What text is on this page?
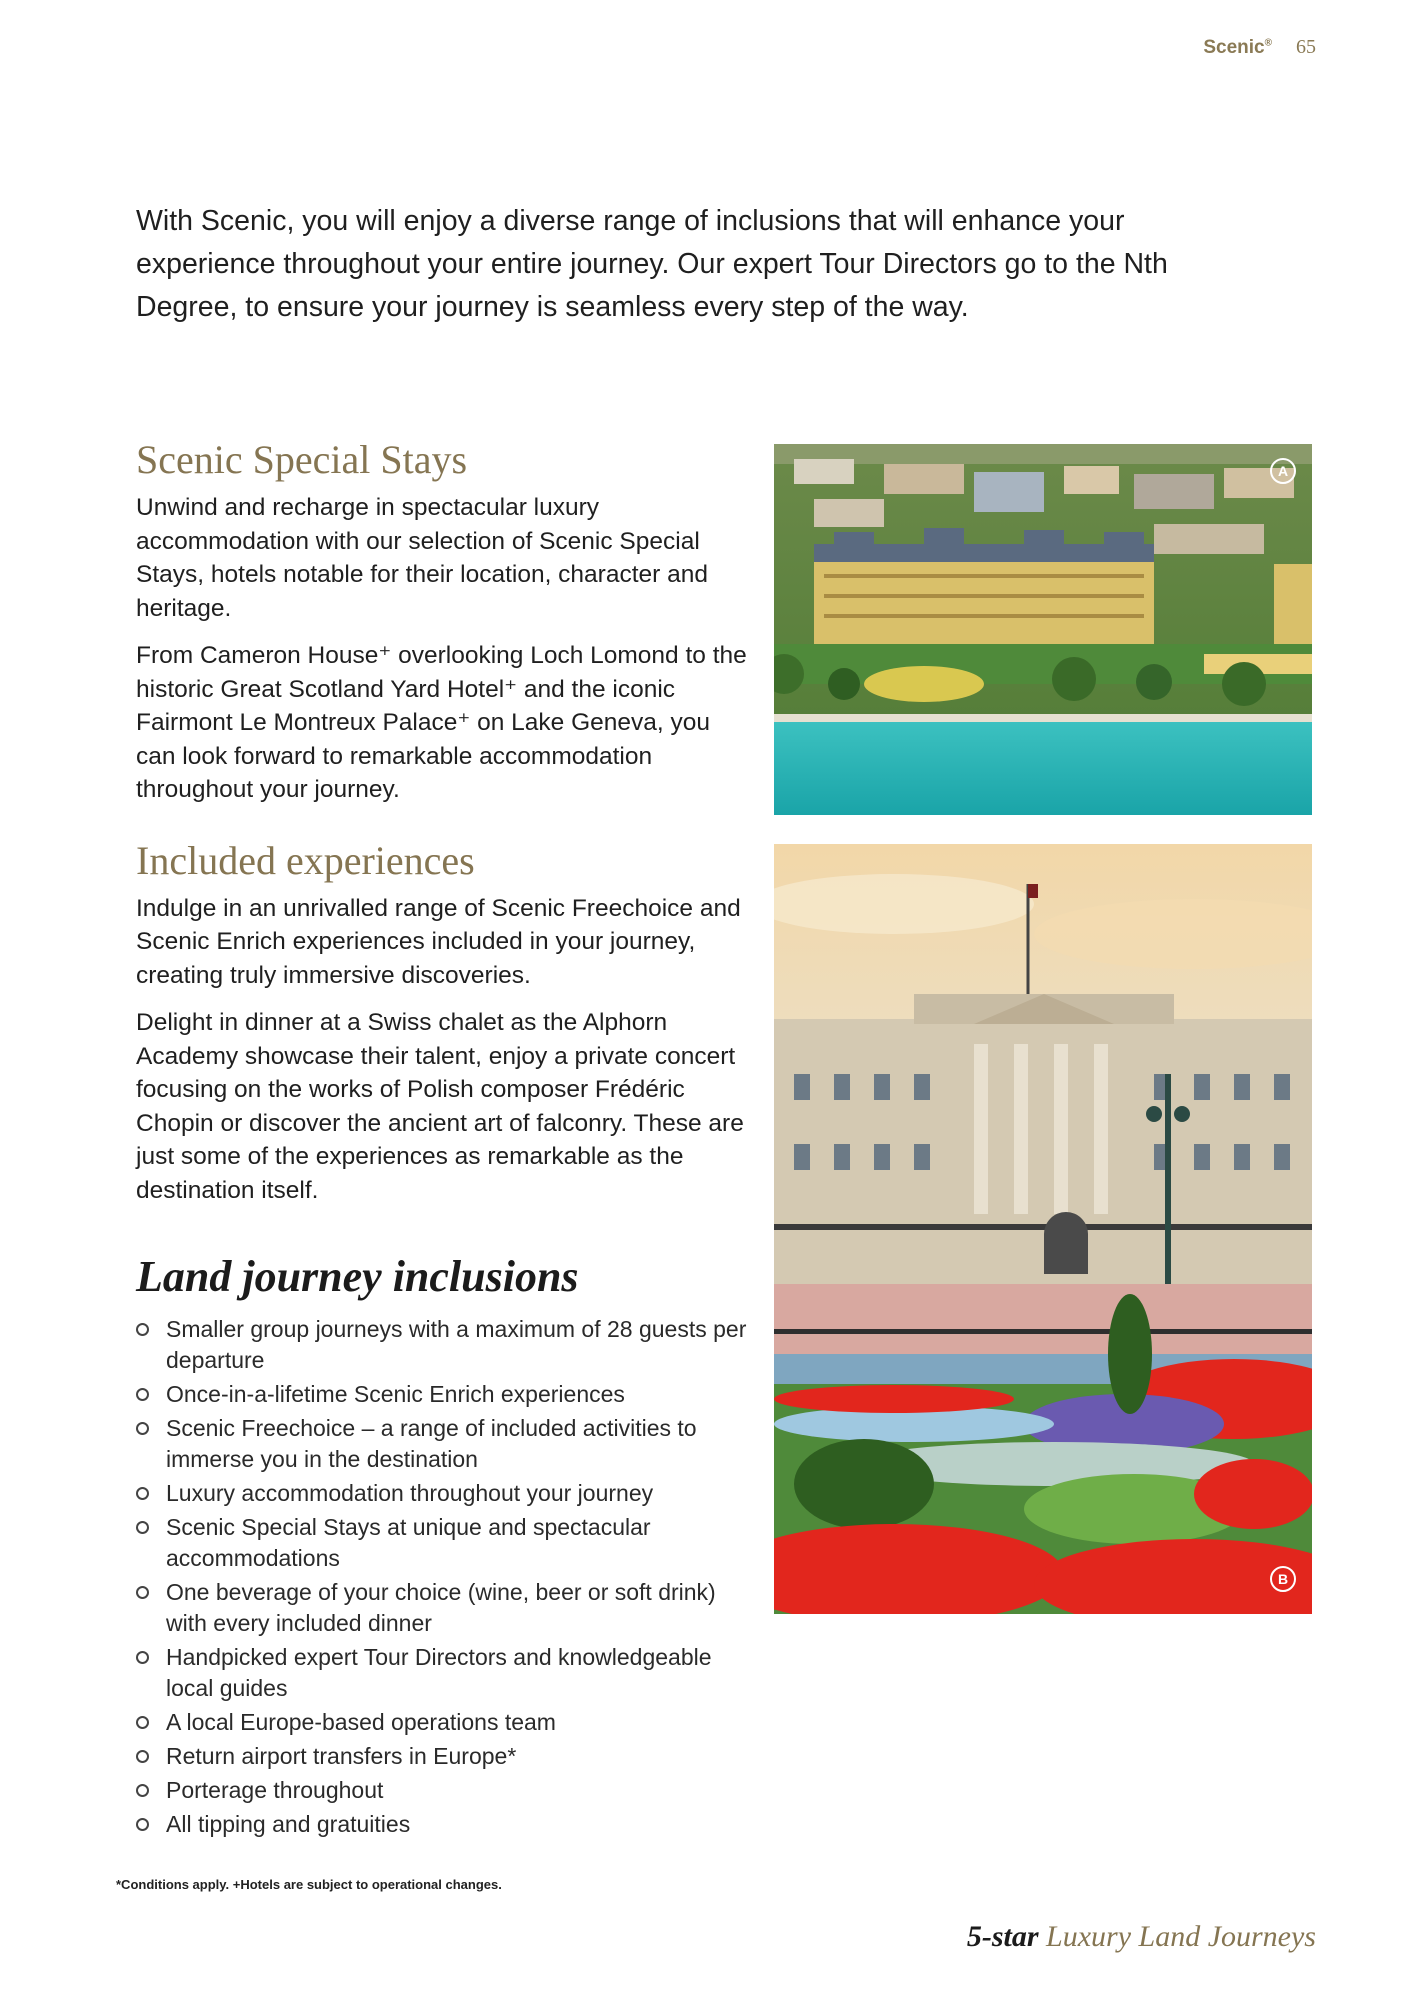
Scenic® 65

With Scenic, you will enjoy a diverse range of inclusions that will enhance your experience throughout your entire journey. Our expert Tour Directors go to the Nth Degree, to ensure your journey is seamless every step of the way.

Scenic Special Stays

Unwind and recharge in spectacular luxury accommodation with our selection of Scenic Special Stays, hotels notable for their location, character and heritage.

From Cameron House⁺ overlooking Loch Lomond to the historic Great Scotland Yard Hotel⁺ and the iconic Fairmont Le Montreux Palace⁺ on Lake Geneva, you can look forward to remarkable accommodation throughout your journey.

Included experiences

Indulge in an unrivalled range of Scenic Freechoice and Scenic Enrich experiences included in your journey, creating truly immersive discoveries.

Delight in dinner at a Swiss chalet as the Alphorn Academy showcase their talent, enjoy a private concert focusing on the works of Polish composer Frédéric Chopin or discover the ancient art of falconry. These are just some of the experiences as remarkable as the destination itself.

Land journey inclusions
Smaller group journeys with a maximum of 28 guests per departure
Once-in-a-lifetime Scenic Enrich experiences
Scenic Freechoice – a range of included activities to immerse you in the destination
Luxury accommodation throughout your journey
Scenic Special Stays at unique and spectacular accommodations
One beverage of your choice (wine, beer or soft drink) with every included dinner
Handpicked expert Tour Directors and knowledgeable local guides
A local Europe-based operations team
Return airport transfers in Europe*
Porterage throughout
All tipping and gratuities
A
B
*Conditions apply. +Hotels are subject to operational changes.
5-star Luxury Land Journeys
